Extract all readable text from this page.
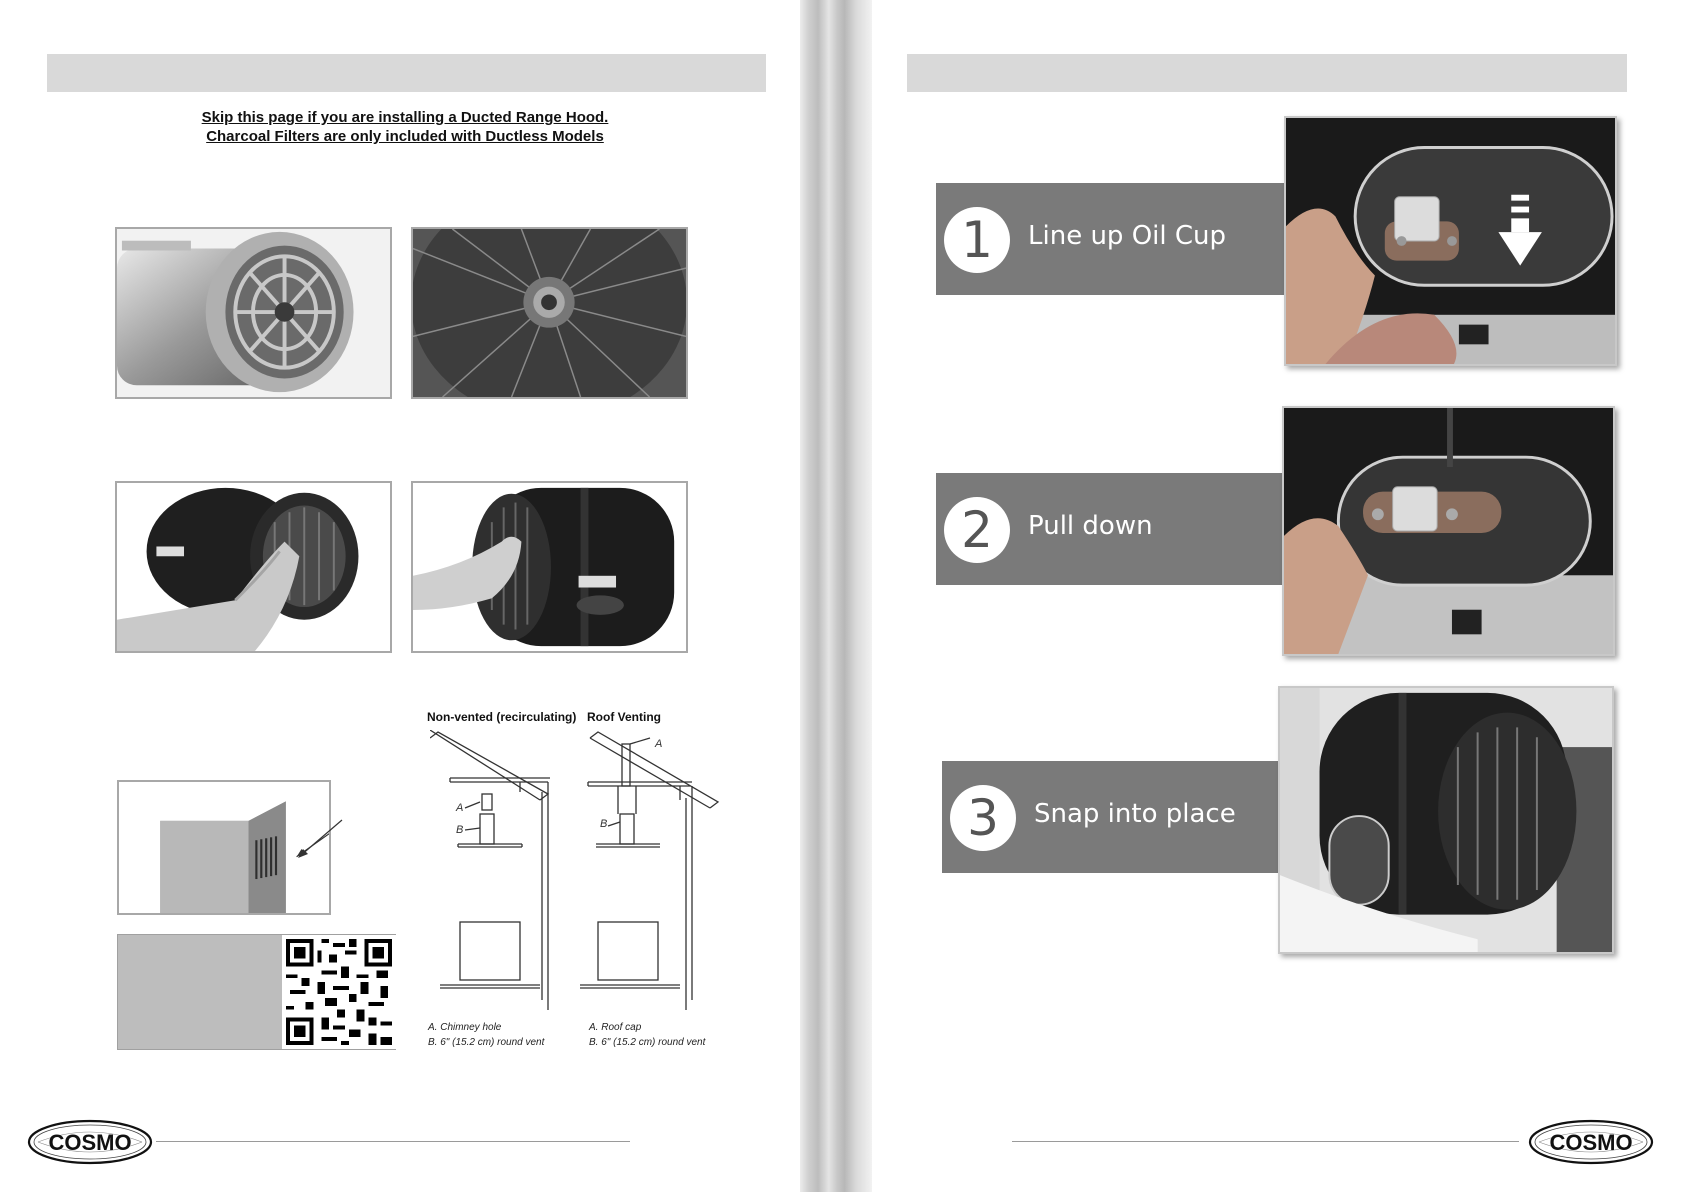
Skip this page if you are installing a Ducted Range Hood.
Charcoal Filters are only included with Ductless Models
Non-vented (recirculating) Roof Venting
A
B
A
B
A. Chimney hole
B. 6" (15.2 cm) round vent
A. Roof cap
B. 6" (15.2 cm) round vent
COSMO
1	Line up Oil Cup
2	Pull down
3	Snap into place
COSMO
